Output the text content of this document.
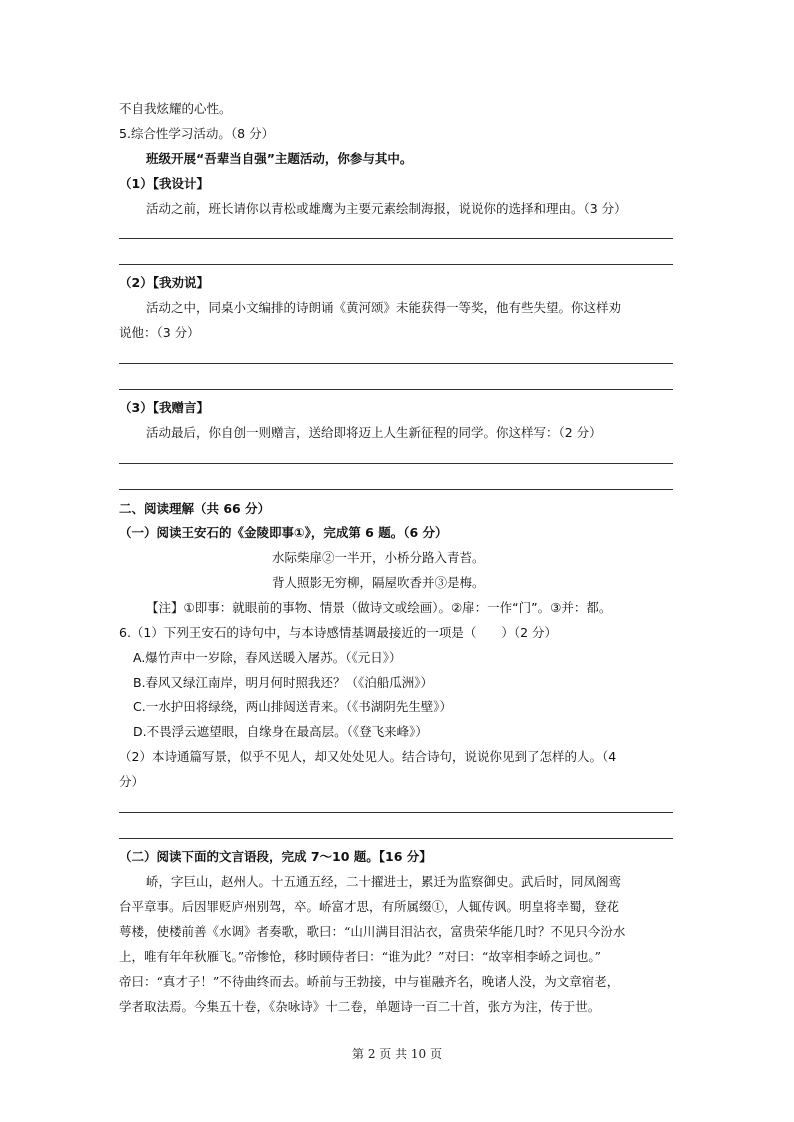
不自我炫耀的心性。
5.综合性学习活动。（8 分）
班级开展“吾辈当自强”主题活动，你参与其中。
（1）【我设计】
活动之前，班长请你以青松或雄鹰为主要元素绘制海报，说说你的选择和理由。（3 分）
（2）【我劝说】
活动之中，同桌小文编排的诗朗诵《黄河颂》未能获得一等奖，他有些失望。你这样劝
说他：（3 分）
（3）【我赠言】
活动最后，你自创一则赠言，送给即将迈上人生新征程的同学。你这样写：（2 分）
二、阅读理解（共 66 分）
（一）阅读王安石的《金陵即事①》，完成第 6 题。（6 分）
水际柴扉②一半开，小桥分路入青苔。
背人照影无穷柳，隔屋吹香并③是梅。
【注】①即事：就眼前的事物、情景（做诗文或绘画）。②扉：一作“门”。③并：都。
6.（1）下列王安石的诗句中，与本诗感情基调最接近的一项是（　　）（2 分）
A.爆竹声中一岁除，春风送暖入屠苏。（《元日》）
B.春风又绿江南岸，明月何时照我还？（《泊船瓜洲》）
C.一水护田将绿绕，两山排闼送青来。（《书湖阴先生壁》）
D.不畏浮云遮望眼，自缘身在最高层。（《登飞来峰》）
（2）本诗通篇写景，似乎不见人，却又处处见人。结合诗句，说说你见到了怎样的人。（4
分）
（二）阅读下面的文言语段，完成 7～10 题。【16 分】
峤，字巨山，赵州人。十五通五经，二十擢进士，累迁为监察御史。武后时，同凤阁鸾
台平章事。后因罪贬庐州别驾，卒。峤富才思，有所属缀①，人辄传讽。明皇将幸蜀，登花
萼楼，使楼前善《水调》者奏歌，歌曰：“山川满目泪沾衣，富贵荣华能几时？不见只今汾水
上，唯有年年秋雁飞。”帝惨怆，移时顾侍者曰：“谁为此？”对曰：“故宰相李峤之词也。”
帝曰：“真才子！”不待曲终而去。峤前与王勃接，中与崔融齐名，晚诸人没，为文章宿老，
学者取法焉。今集五十卷，《杂咏诗》十二卷，单题诗一百二十首，张方为注，传于世。
第 2 页 共 10 页
